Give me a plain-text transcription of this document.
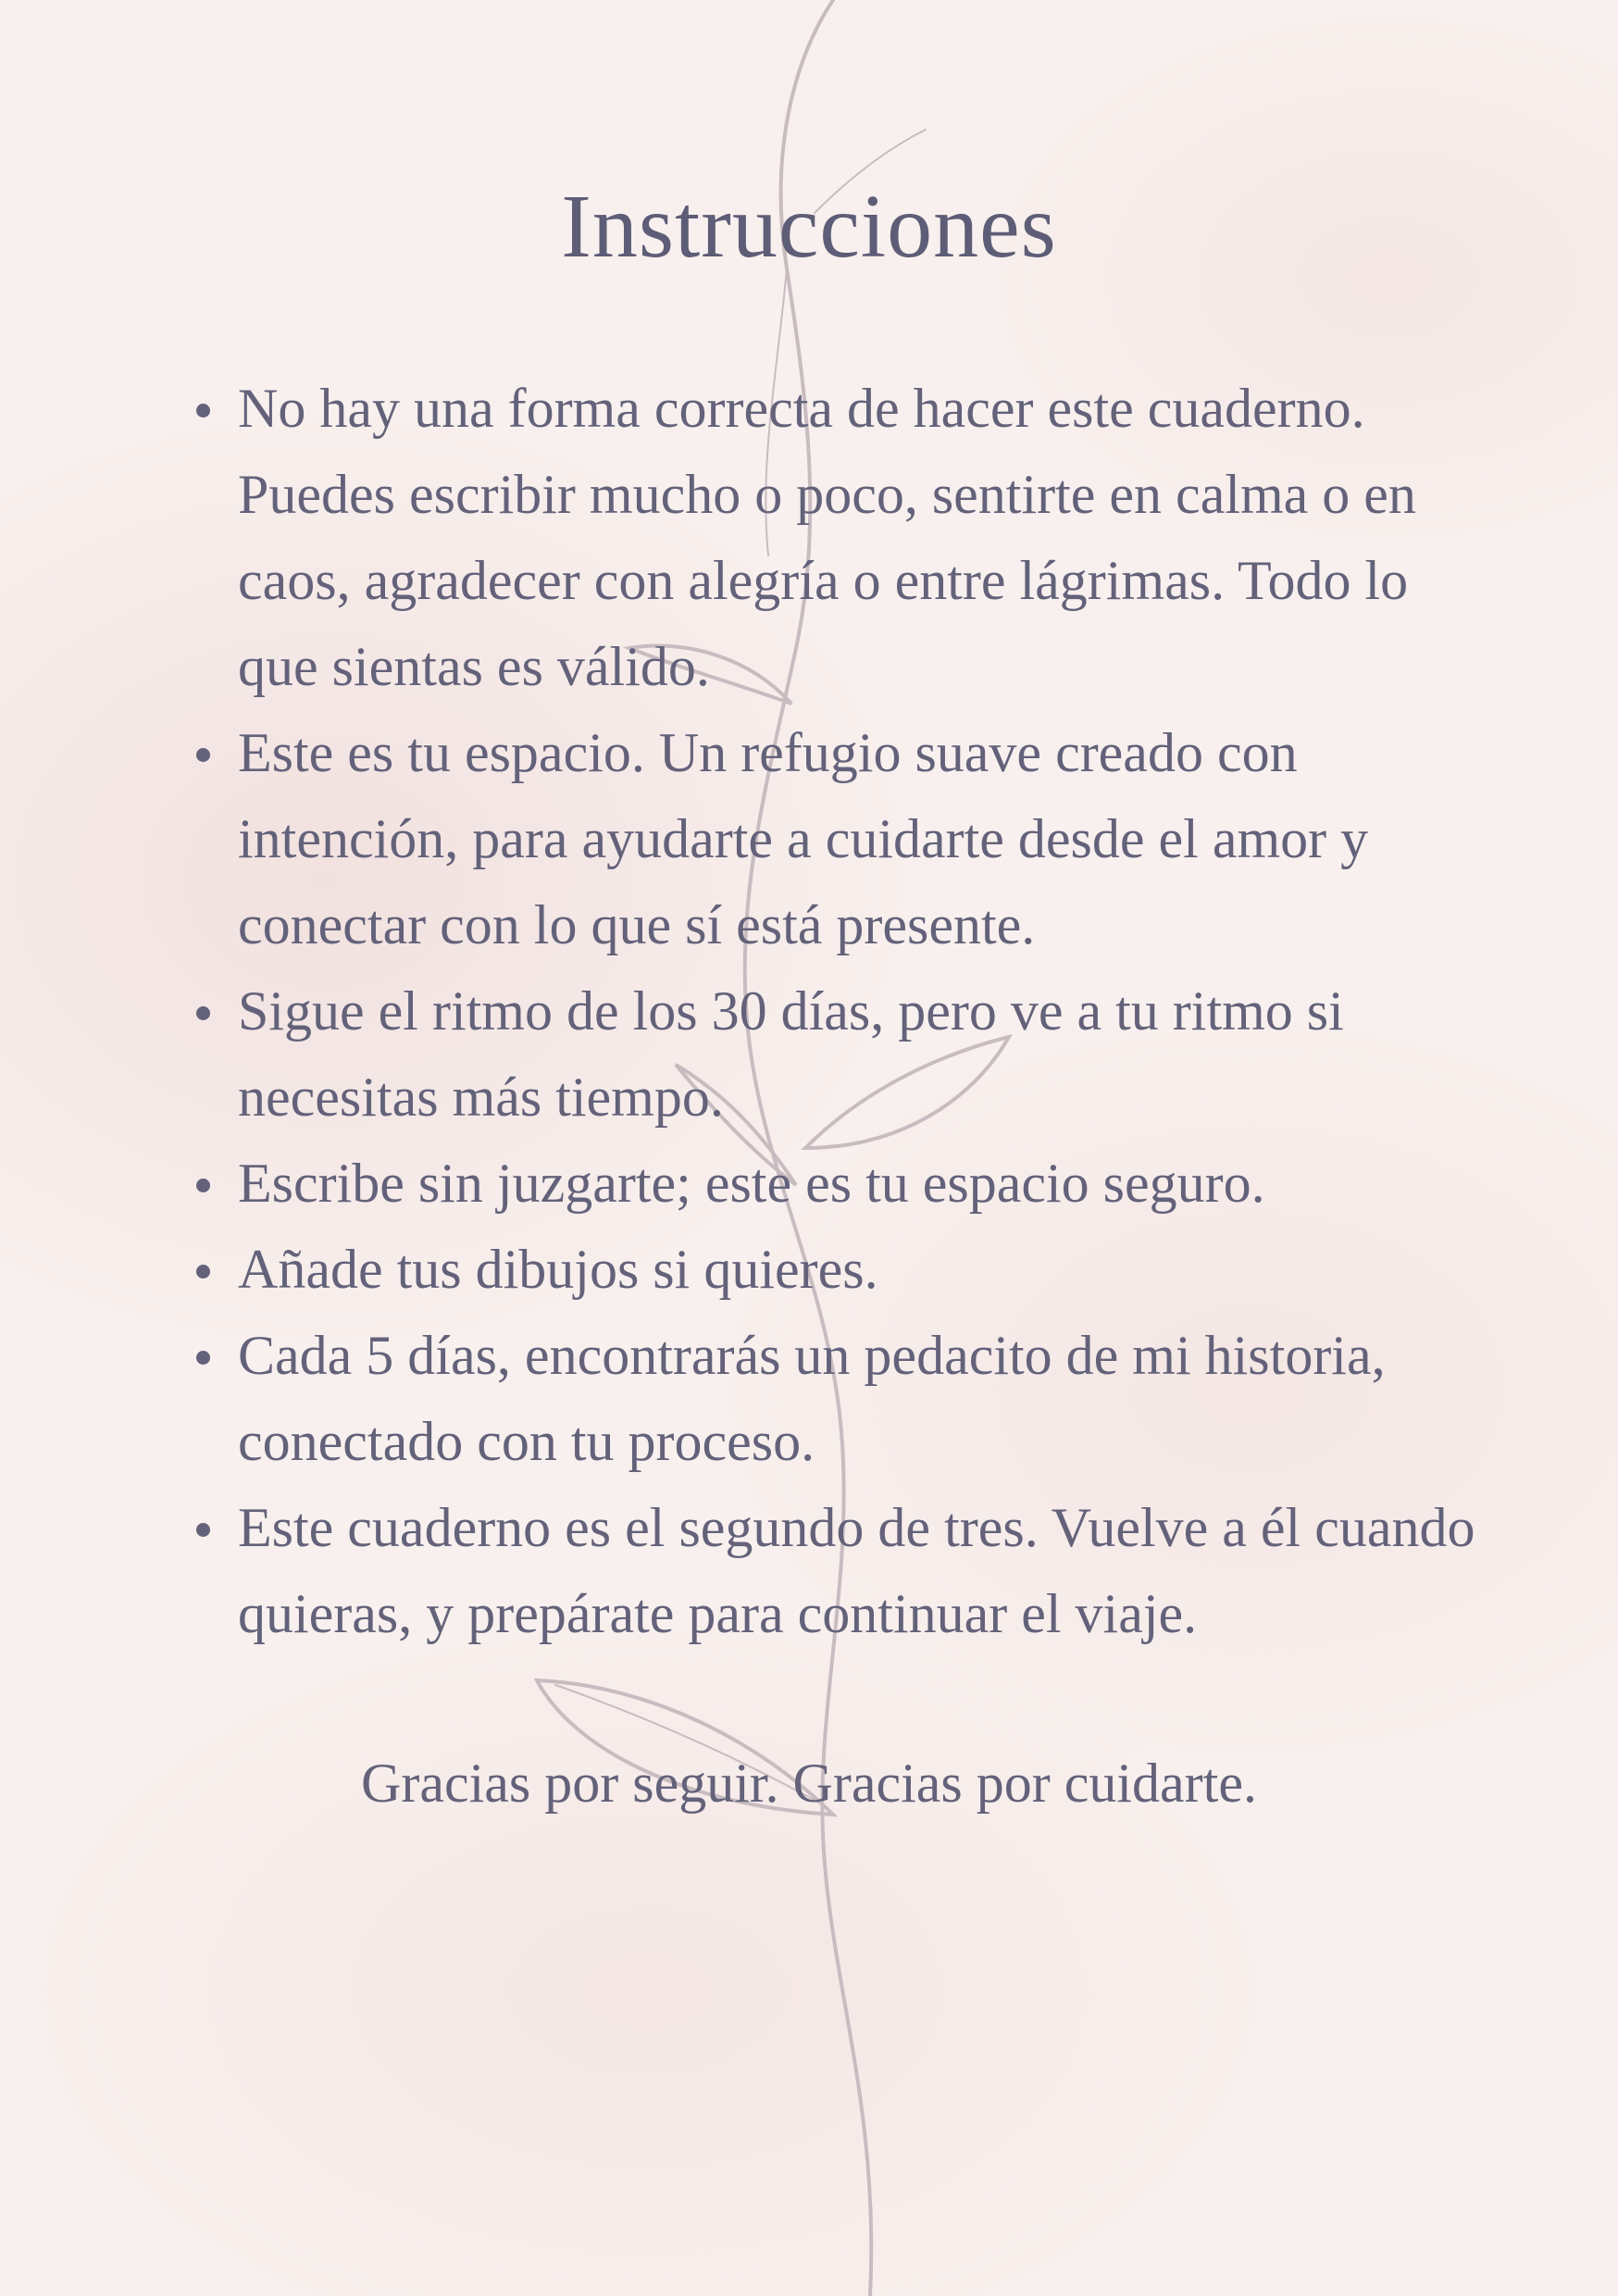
Instrucciones
No hay una forma correcta de hacer este cuaderno. Puedes escribir mucho o poco, sentirte en calma o en caos, agradecer con alegría o entre lágrimas. Todo lo que sientas es válido.
Este es tu espacio. Un refugio suave creado con intención, para ayudarte a cuidarte desde el amor y conectar con lo que sí está presente.
Sigue el ritmo de los 30 días, pero ve a tu ritmo si necesitas más tiempo.
Escribe sin juzgarte; este es tu espacio seguro.
Añade tus dibujos si quieres.
Cada 5 días, encontrarás un pedacito de mi historia, conectado con tu proceso.
Este cuaderno es el segundo de tres. Vuelve a él cuando quieras, y prepárate para continuar el viaje.

Gracias por seguir. Gracias por cuidarte.
